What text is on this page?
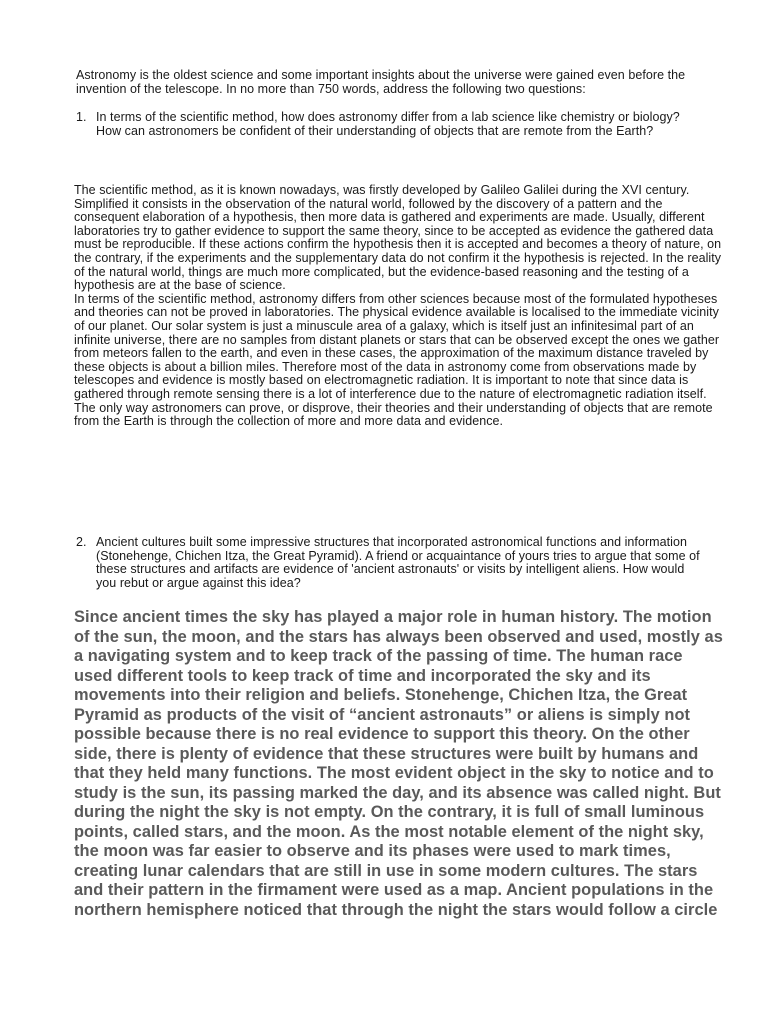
Astronomy is the oldest science and some important insights about the universe were gained even before the invention of the telescope. In no more than 750 words, address the following two questions:

1. In terms of the scientific method, how does astronomy differ from a lab science like chemistry or biology? How can astronomers be confident of their understanding of objects that are remote from the Earth?

The scientific method, as it is known nowadays, was firstly developed by Galileo Galilei during the XVI century. Simplified it consists in the observation of the natural world, followed by the discovery of a pattern and the consequent elaboration of a hypothesis, then more data is gathered and experiments are made. Usually, different laboratories try to gather evidence to support the same theory, since to be accepted as evidence the gathered data must be reproducible. If these actions confirm the hypothesis then it is accepted and becomes a theory of nature, on the contrary, if the experiments and the supplementary data do not confirm it the hypothesis is rejected. In the reality of the natural world, things are much more complicated, but the evidence-based reasoning and the testing of a hypothesis are at the base of science.

In terms of the scientific method, astronomy differs from other sciences because most of the formulated hypotheses and theories can not be proved in laboratories. The physical evidence available is localised to the immediate vicinity of our planet. Our solar system is just a minuscule area of a galaxy, which is itself just an infinitesimal part of an infinite universe, there are no samples from distant planets or stars that can be observed except the ones we gather from meteors fallen to the earth, and even in these cases, the approximation of the maximum distance traveled by these objects is about a billion miles. Therefore most of the data in astronomy come from observations made by telescopes and evidence is mostly based on electromagnetic radiation. It is important to note that since data is gathered through remote sensing there is a lot of interference due to the nature of electromagnetic radiation itself.

The only way astronomers can prove, or disprove, their theories and their understanding of objects that are remote from the Earth is through the collection of more and more data and evidence.

2. Ancient cultures built some impressive structures that incorporated astronomical functions and information (Stonehenge, Chichen Itza, the Great Pyramid). A friend or acquaintance of yours tries to argue that some of these structures and artifacts are evidence of 'ancient astronauts' or visits by intelligent aliens. How would you rebut or argue against this idea?

Since ancient times the sky has played a major role in human history. The motion of the sun, the moon, and the stars has always been observed and used, mostly as a navigating system and to keep track of the passing of time. The human race used different tools to keep track of time and incorporated the sky and its movements into their religion and beliefs. Stonehenge, Chichen Itza, the Great Pyramid as products of the visit of “ancient astronauts” or aliens is simply not possible because there is no real evidence to support this theory. On the other side, there is plenty of evidence that these structures were built by humans and that they held many functions. The most evident object in the sky to notice and to study is the sun, its passing marked the day, and its absence was called night. But during the night the sky is not empty. On the contrary, it is full of small luminous points, called stars, and the moon. As the most notable element of the night sky, the moon was far easier to observe and its phases were used to mark times, creating lunar calendars that are still in use in some modern cultures. The stars and their pattern in the firmament were used as a map. Ancient populations in the northern hemisphere noticed that through the night the stars would follow a circle
